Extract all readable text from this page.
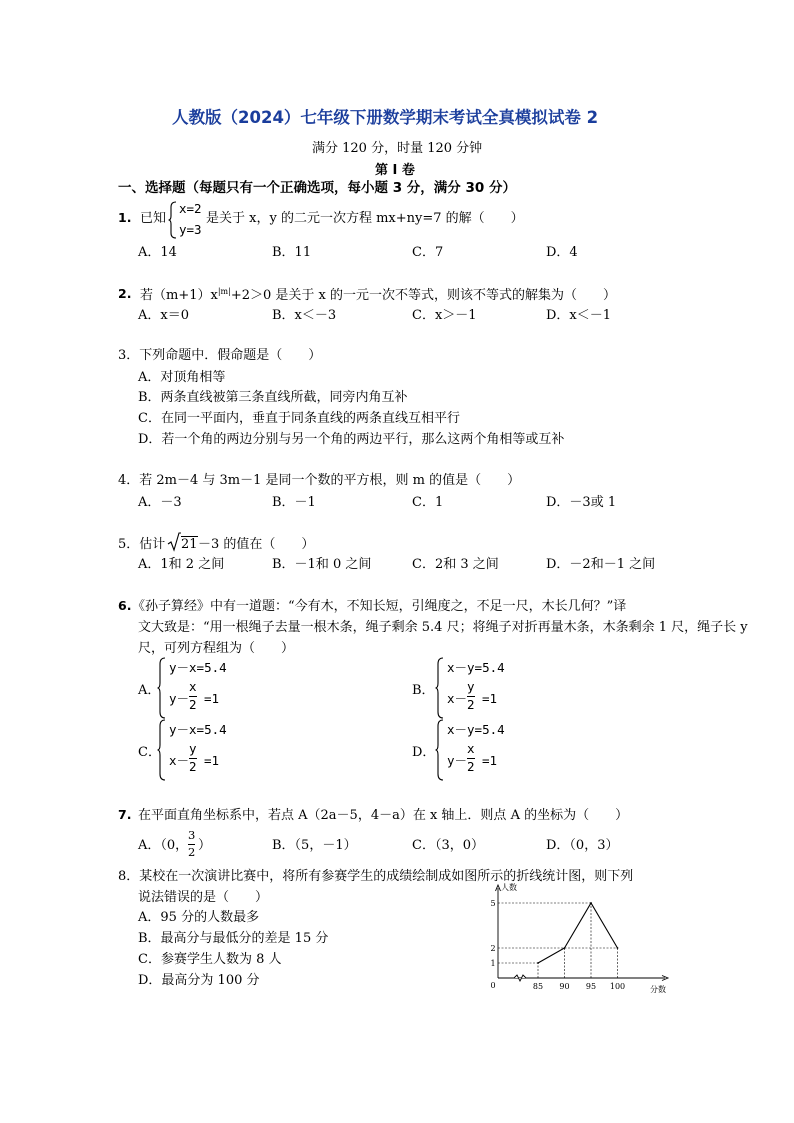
人教版（2024）七年级下册数学期末考试全真模拟试卷 2
满分 120 分，时量 120 分钟
第 I 卷
一、选择题（每题只有一个正确选项，每小题 3 分，满分 30 分）
1. 已知
x=2
y=3
是关于 x，y 的二元一次方程 mx+ny=7 的解（　　）
A．14	B．11	C．7	D．4
2. 若$(m+1)x^{|m|}+2>0$ 是关于 x 的一元一次不等式，则该不等式的解集为（　　）
A．x＝0	B．x＜－3	C．x＞－1	D．x＜－1
3．下列命题中．假命题是（　　）
A．对顶角相等
B．两条直线被第三条直线所截，同旁内角互补
C．在同一平面内，垂直于同条直线的两条直线互相平行
D．若一个角的两边分别与另一个角的两边平行，那么这两个角相等或互补
4．若 2m－4 与 3m－1 是同一个数的平方根，则 m 的值是（　　）
A．－3	B．－1	C．1	D．－3或 1
5．估计 21 －3 的值在（　　）
A．1和 2 之间	B．－1和 0 之间	C．2和 3 之间	D．－2和－1 之间
6. 《孙子算经》中有一道题：“今有木，不知长短，引绳度之，不足一尺，木长几何？”译
文大致是：“用一根绳子去量一根木条，绳子剩余 5.4 尺；将绳子对折再量木条，木条剩余 1 尺，绳子长 y
尺，可列方程组为（　　）
A．
y－x=5.4
y－
x
2 =1
B．
x－y=5.4
x－
y
2 =1
C．
y－x=5.4
x－
y
2 =1
D．
x－y=5.4
y－
x
2 =1
7. 在平面直角坐标系中，若点 A（2a－5，4－a）在 x 轴上．则点 A 的坐标为（　　）
A．（0，
3
2 ）	B．（5，－1）	C．（3，0）	D．（0，3）
8．某校在一次演讲比赛中，将所有参赛学生的成绩绘制成如图所示的折线统计图，则下列
说法错误的是（　　）
A．95 分的人数最多
B．最高分与最低分的差是 15 分
C．参赛学生人数为 8 人
D．最高分为 100 分
人数
分数
0
1
2
5
85 90 95 100
